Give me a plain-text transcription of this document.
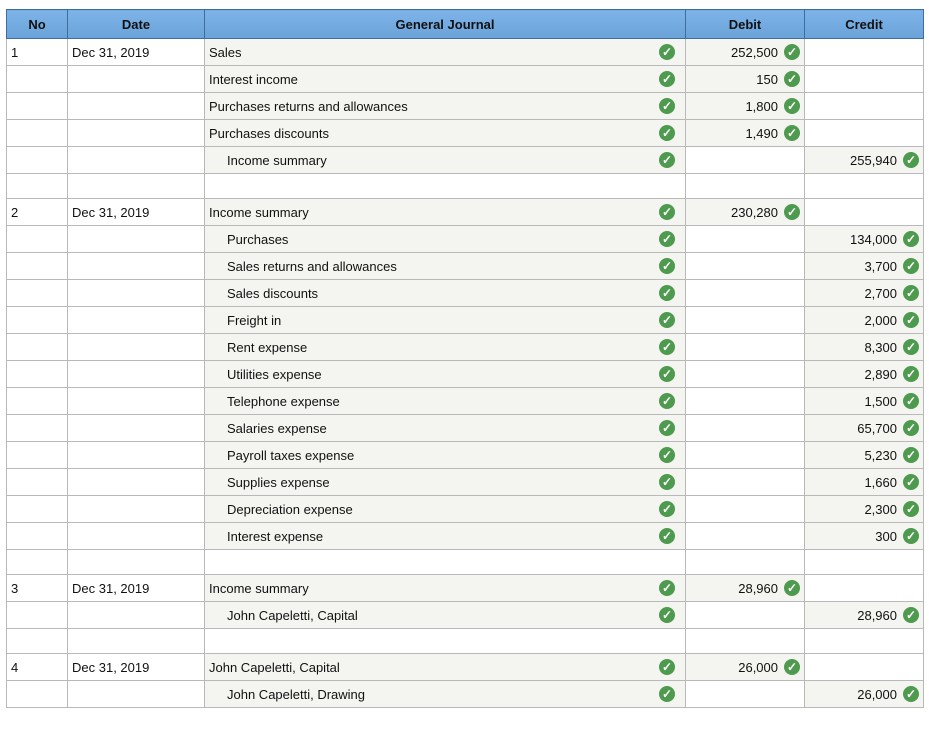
No	Date	General Journal	Debit	Credit
1	Dec 31, 2019	Sales ✓	252,500 ✓	
		Interest income ✓	150 ✓	
		Purchases returns and allowances ✓	1,800 ✓	
		Purchases discounts ✓	1,490 ✓	
		Income summary ✓		255,940 ✓

2	Dec 31, 2019	Income summary ✓	230,280 ✓	
		Purchases ✓		134,000 ✓
		Sales returns and allowances ✓		3,700 ✓
		Sales discounts ✓		2,700 ✓
		Freight in ✓		2,000 ✓
		Rent expense ✓		8,300 ✓
		Utilities expense ✓		2,890 ✓
		Telephone expense ✓		1,500 ✓
		Salaries expense ✓		65,700 ✓
		Payroll taxes expense ✓		5,230 ✓
		Supplies expense ✓		1,660 ✓
		Depreciation expense ✓		2,300 ✓
		Interest expense ✓		300 ✓

3	Dec 31, 2019	Income summary ✓	28,960 ✓	
		John Capeletti, Capital ✓		28,960 ✓

4	Dec 31, 2019	John Capeletti, Capital ✓	26,000 ✓	
		John Capeletti, Drawing ✓		26,000 ✓
